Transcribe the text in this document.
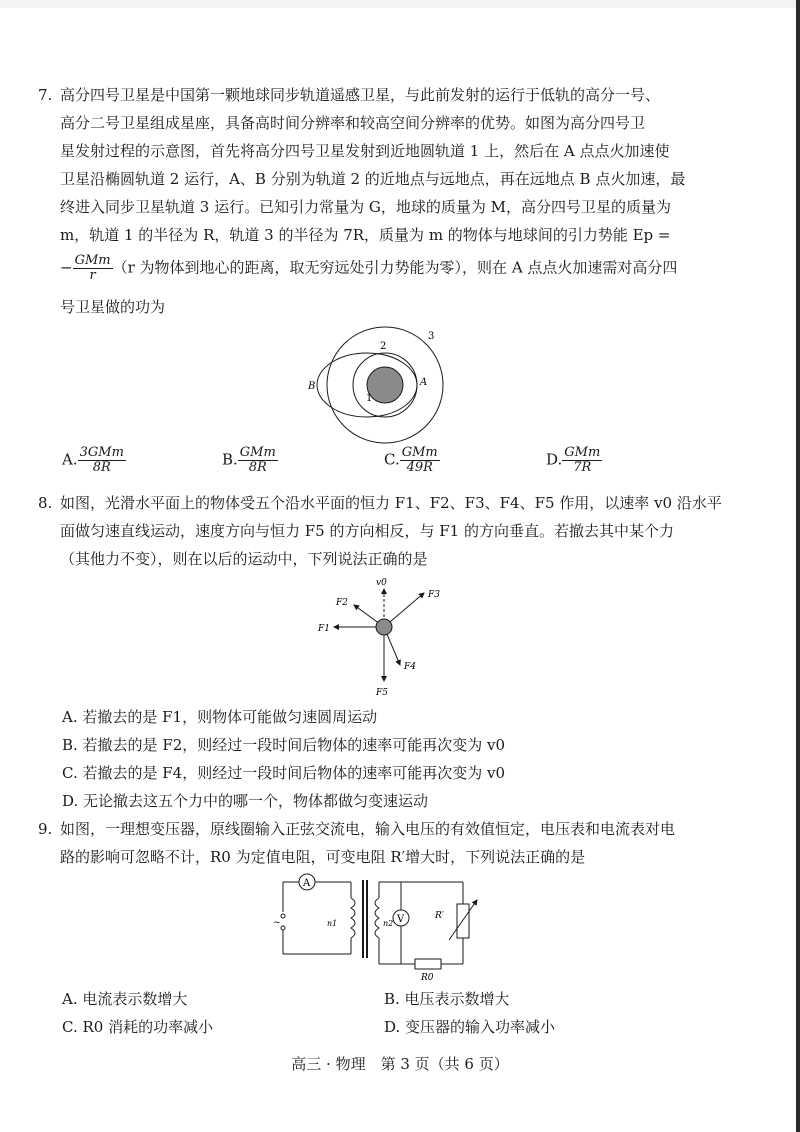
7. 高分四号卫星是中国第一颗地球同步轨道遥感卫星，与此前发射的运行于低轨的高分一号、
高分二号卫星组成星座，具备高时间分辨率和较高空间分辨率的优势。如图为高分四号卫
星发射过程的示意图，首先将高分四号卫星发射到近地圆轨道 1 上，然后在 A 点点火加速使
卫星沿椭圆轨道 2 运行，A、B 分别为轨道 2 的近地点与远地点，再在远地点 B 点火加速，最
终进入同步卫星轨道 3 运行。已知引力常量为 G，地球的质量为 M，高分四号卫星的质量为
m，轨道 1 的半径为 R，轨道 3 的半径为 7R，质量为 m 的物体与地球间的引力势能 Ep =
− $\frac{\text{GMm}}{r} (r$ 为物体到地心的距离，取无穷远处引力势能为零），则在 A 点点火加速需对高分四
号卫星做的功为
B	A
1
2
3
A. $\frac{\text{3GMm}}{8R}$	B. $\frac{\text{GMm}}{8R}$	C. $\frac{\text{GMm}}{49R}$	D. $\frac{\text{GMm}}{7R}$
8. 如图，光滑水平面上的物体受五个沿水平面的恒力 F1、F2、F3、F4、F5 作用，以速率 v0 沿水平
面做匀速直线运动，速度方向与恒力 F5 的方向相反，与 F1 的方向垂直。若撤去其中某个力
（其他力不变），则在以后的运动中，下列说法正确的是
v0
F2
F3
F1
F4
F5
A. 若撤去的是 F1，则物体可能做匀速圆周运动
B. 若撤去的是 F2，则经过一段时间后物体的速率可能再次变为 v0
C. 若撤去的是 F4，则经过一段时间后物体的速率可能再次变为 v0
D. 无论撤去这五个力中的哪一个，物体都做匀变速运动
9. 如图，一理想变压器，原线圈输入正弦交流电，输入电压的有效值恒定，电压表和电流表对电
路的影响可忽略不计，R0 为定值电阻，可变电阻 R′增大时，下列说法正确的是
A
~	n1	n2 V	R′
R0
A. 电流表示数增大	B. 电压表示数增大
C. R0 消耗的功率减小	D. 变压器的输入功率减小
高三 · 物理　第 3 页（共 6 页）
